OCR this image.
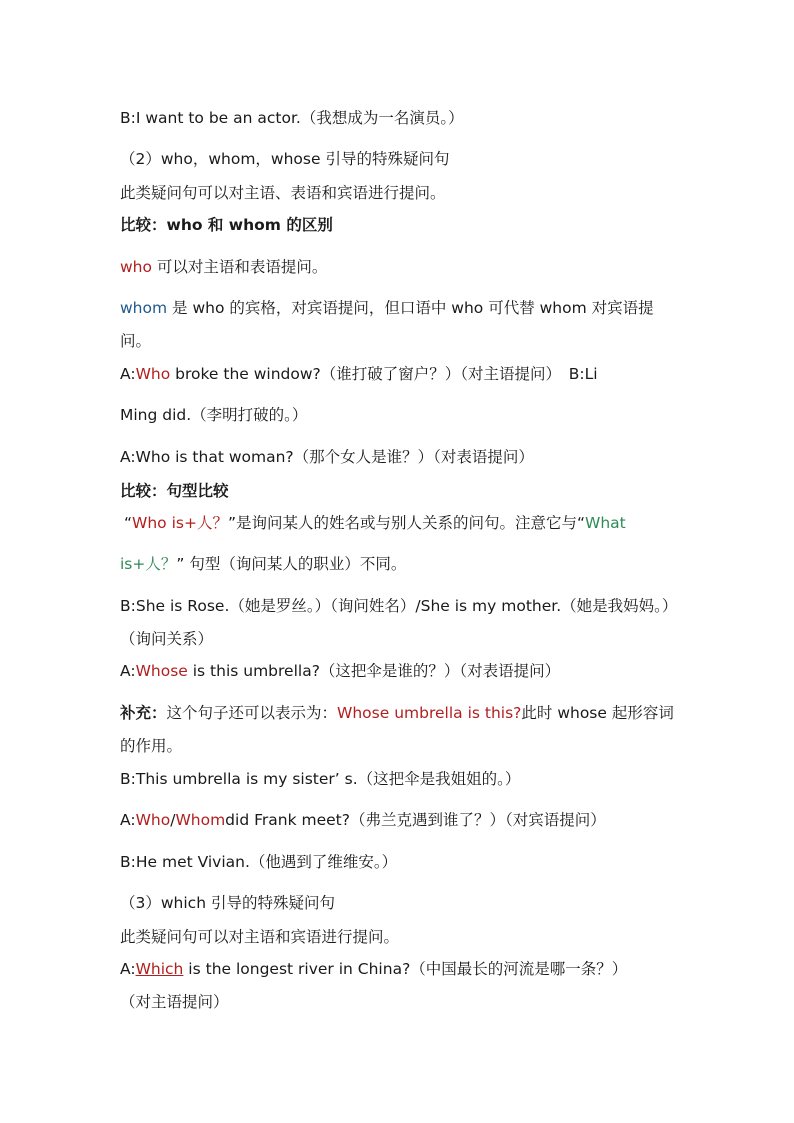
B:I want to be an actor.（我想成为一名演员。）
（2）who，whom，whose 引导的特殊疑问句
此类疑问句可以对主语、表语和宾语进行提问。
比较：who 和 whom 的区别
who 可以对主语和表语提问。
whom 是 who 的宾格，对宾语提问，但口语中 who 可代替 whom 对宾语提问。
A:Who broke the window?（谁打破了窗户？）（对主语提问）　B:Li
Ming did.（李明打破的。）
A:Who is that woman?（那个女人是谁？）（对表语提问）
比较：句型比较
“Who is+人？”是询问某人的姓名或与别人关系的问句。注意它与“What
is+人？” 句型（询问某人的职业）不同。
B:She is Rose.（她是罗丝。）（询问姓名）/She is my mother.（她是我妈妈。）（询问关系）
A:Whose is this umbrella?（这把伞是谁的？）（对表语提问）
补充：这个句子还可以表示为：Whose umbrella is this?此时 whose 起形容词的作用。
B:This umbrella is my sister’ s.（这把伞是我姐姐的。）
A:Who/Whomdid Frank meet?（弗兰克遇到谁了？）（对宾语提问）
B:He met Vivian.（他遇到了维维安。）
（3）which 引导的特殊疑问句
此类疑问句可以对主语和宾语进行提问。
A:Which is the longest river in China?（中国最长的河流是哪一条？）
（对主语提问）
